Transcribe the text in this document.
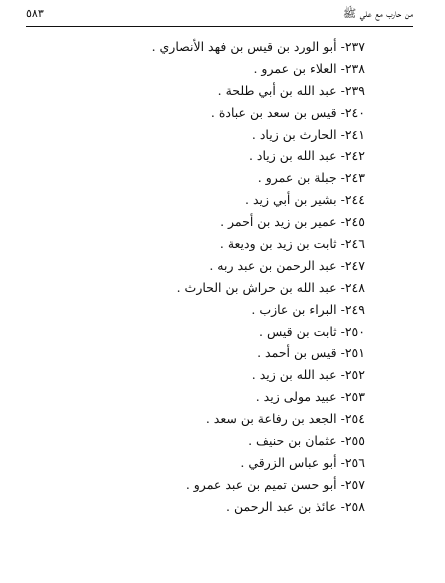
من حارب مع علي ﷺ
٥٨٣
٢٣٧- أبو الورد بن قيس بن فهد الأنصاري .
٢٣٨- العلاء بن عمرو .
٢٣٩- عبد الله بن أبي طلحة .
٢٤٠- قيس بن سعد بن عبادة .
٢٤١- الحارث بن زياد .
٢٤٢- عبد الله بن زياد .
٢٤٣- جبلة بن عمرو .
٢٤٤- بشير بن أبي زيد .
٢٤٥- عمير بن زيد بن أحمر .
٢٤٦- ثابت بن زيد بن وديعة .
٢٤٧- عبد الرحمن بن عبد ربه .
٢٤٨- عبد الله بن حراش بن الحارث .
٢٤٩- البراء بن عازب .
٢٥٠- ثابت بن قيس .
٢٥١- قيس بن أحمد .
٢٥٢- عبد الله بن زيد .
٢٥٣- عبيد مولى زيد .
٢٥٤- الجعد بن رفاعة بن سعد .
٢٥٥- عثمان بن حنيف .
٢٥٦- أبو عباس الزرقي .
٢٥٧- أبو حسن تميم بن عبد عمرو .
٢٥٨- عائذ بن عبد الرحمن .
